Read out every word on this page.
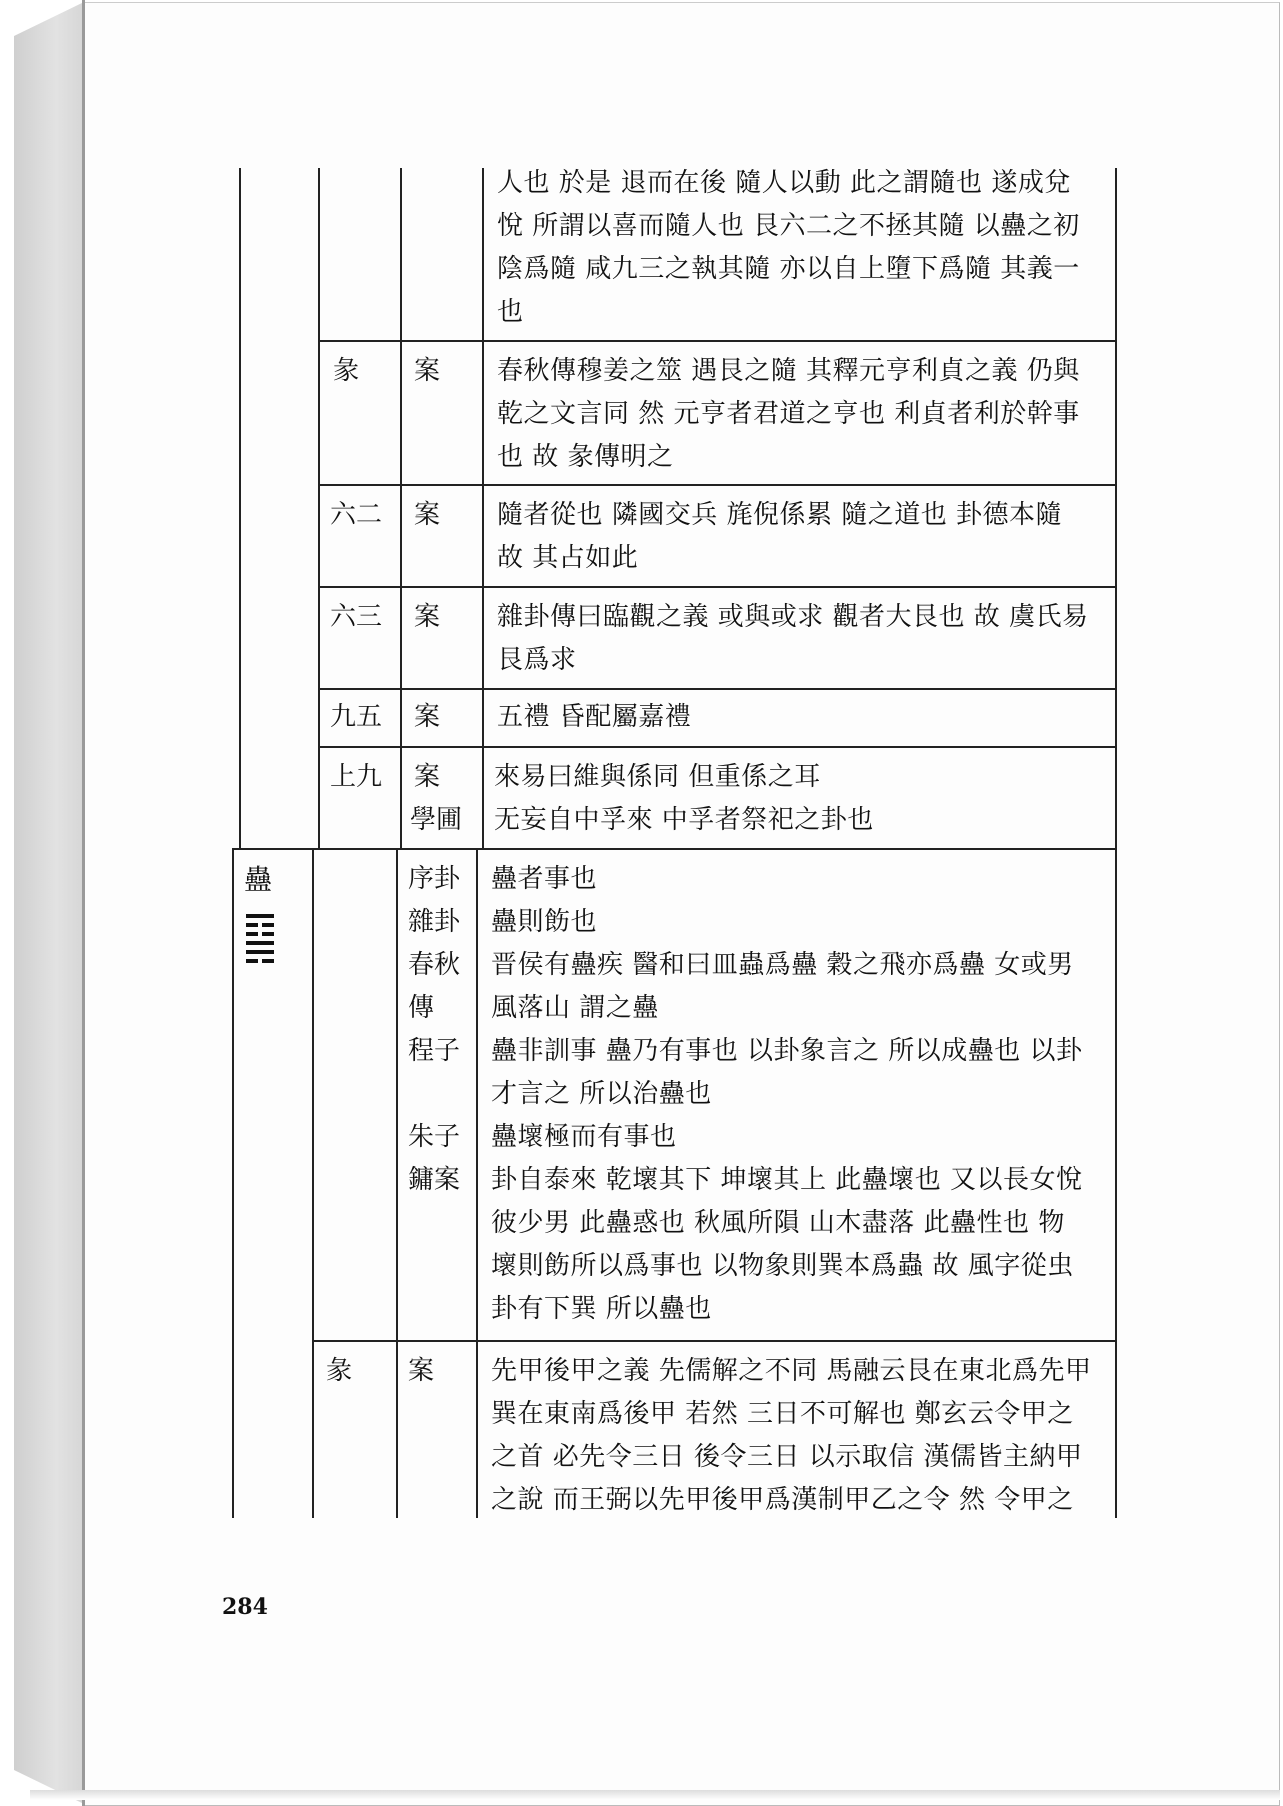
人也 於是 退而在後 隨人以動 此之謂隨也 遂成兌
悅 所謂以喜而隨人也 艮六二之不拯其隨 以蠱之初
陰爲隨 咸九三之執其隨 亦以自上墮下爲隨 其義一
也
彖 案 春秋傳穆姜之筮 遇艮之隨 其釋元亨利貞之義 仍與
乾之文言同 然 元亨者君道之亨也 利貞者利於幹事
也 故 彖傳明之
六二 案 隨者從也 隣國交兵 旄倪係累 隨之道也 卦德本隨
故 其占如此
六三 案 雜卦傳曰臨觀之義 或與或求 觀者大艮也 故 虞氏易
艮爲求
九五 案 五禮 昏配屬嘉禮
上九 案
學圃
來易曰維與係同 但重係之耳
无妄自中孚來 中孚者祭祀之卦也
蠱	序卦
雜卦
春秋
傳
程子
朱子
鏞案
蠱者事也
蠱則飭也
晋侯有蠱疾 醫和曰皿蟲爲蠱 穀之飛亦爲蠱 女或男
風落山 謂之蠱
蠱非訓事 蠱乃有事也 以卦象言之 所以成蠱也 以卦
才言之 所以治蠱也
蠱壞極而有事也
卦自泰來 乾壞其下 坤壞其上 此蠱壞也 又以長女悅
彼少男 此蠱惑也 秋風所隕 山木盡落 此蠱性也 物
壞則飭所以爲事也 以物象則巽本爲蟲 故 風字從虫
卦有下巽 所以蠱也
彖 案 先甲後甲之義 先儒解之不同 馬融云艮在東北爲先甲
巽在東南爲後甲 若然 三日不可解也 鄭玄云令甲之
之首 必先令三日 後令三日 以示取信 漢儒皆主納甲
之說 而王弼以先甲後甲爲漢制甲乙之令 然 令甲之
284
